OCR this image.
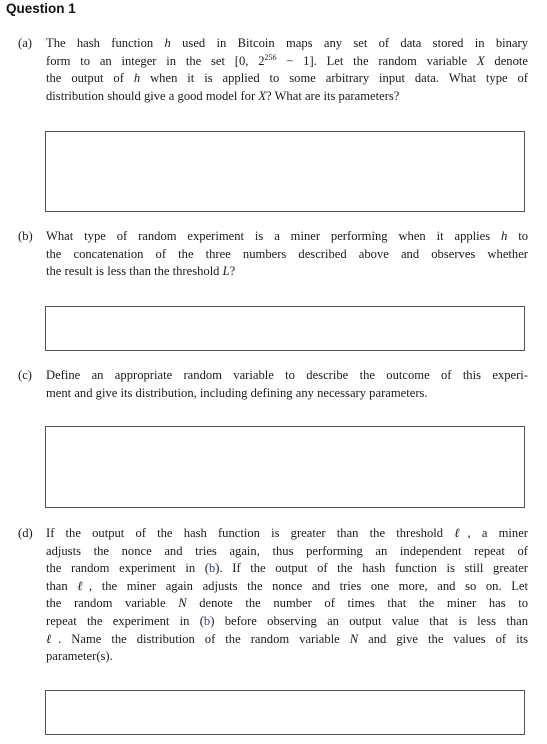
Question 1
(a) The hash function h used in Bitcoin maps any set of data stored in binary
form to an integer in the set [0, $2^{256} - 1$]. Let the random variable X denote
the output of h when it is applied to some arbitrary input data. What type of
distribution should give a good model for X? What are its parameters?
(b) What type of random experiment is a miner performing when it applies h to
the concatenation of the three numbers described above and observes whether
the result is less than the threshold L?
(c) Define an appropriate random variable to describe the outcome of this experi-
ment and give its distribution, including defining any necessary parameters.
(d) If the output of the hash function is greater than the threshold ℓ, a miner
adjusts the nonce and tries again, thus performing an independent repeat of
the random experiment in (b). If the output of the hash function is still greater
than ℓ, the miner again adjusts the nonce and tries one more, and so on. Let
the random variable N denote the number of times that the miner has to
repeat the experiment in (b) before observing an output value that is less than
ℓ. Name the distribution of the random variable N and give the values of its
parameter(s).
